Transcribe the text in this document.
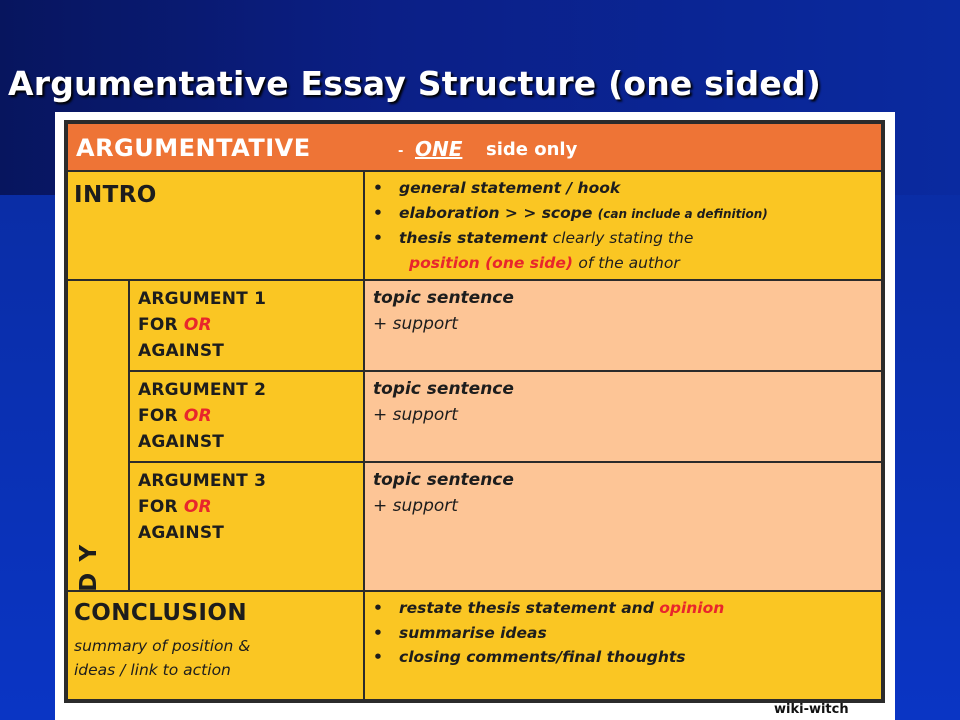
Argumentative Essay Structure (one sided)
ARGUMENTATIVE	- ONE side only
INTRO	• general statement / hook
• elaboration > > scope (can include a definition)
• thesis statement clearly stating the
position (one side) of the author
ARGUMENT 1
FOR OR
AGAINST
topic sentence
+ support
ARGUMENT 2
FOR OR
AGAINST
topic sentence
+ support
ARGUMENT 3
FOR OR
AGAINST
topic sentence
+ support
CONCLUSION
summary of position &
ideas / link to action
• restate thesis statement and opinion
• summarise ideas
• closing comments/final thoughts
wiki-witch
